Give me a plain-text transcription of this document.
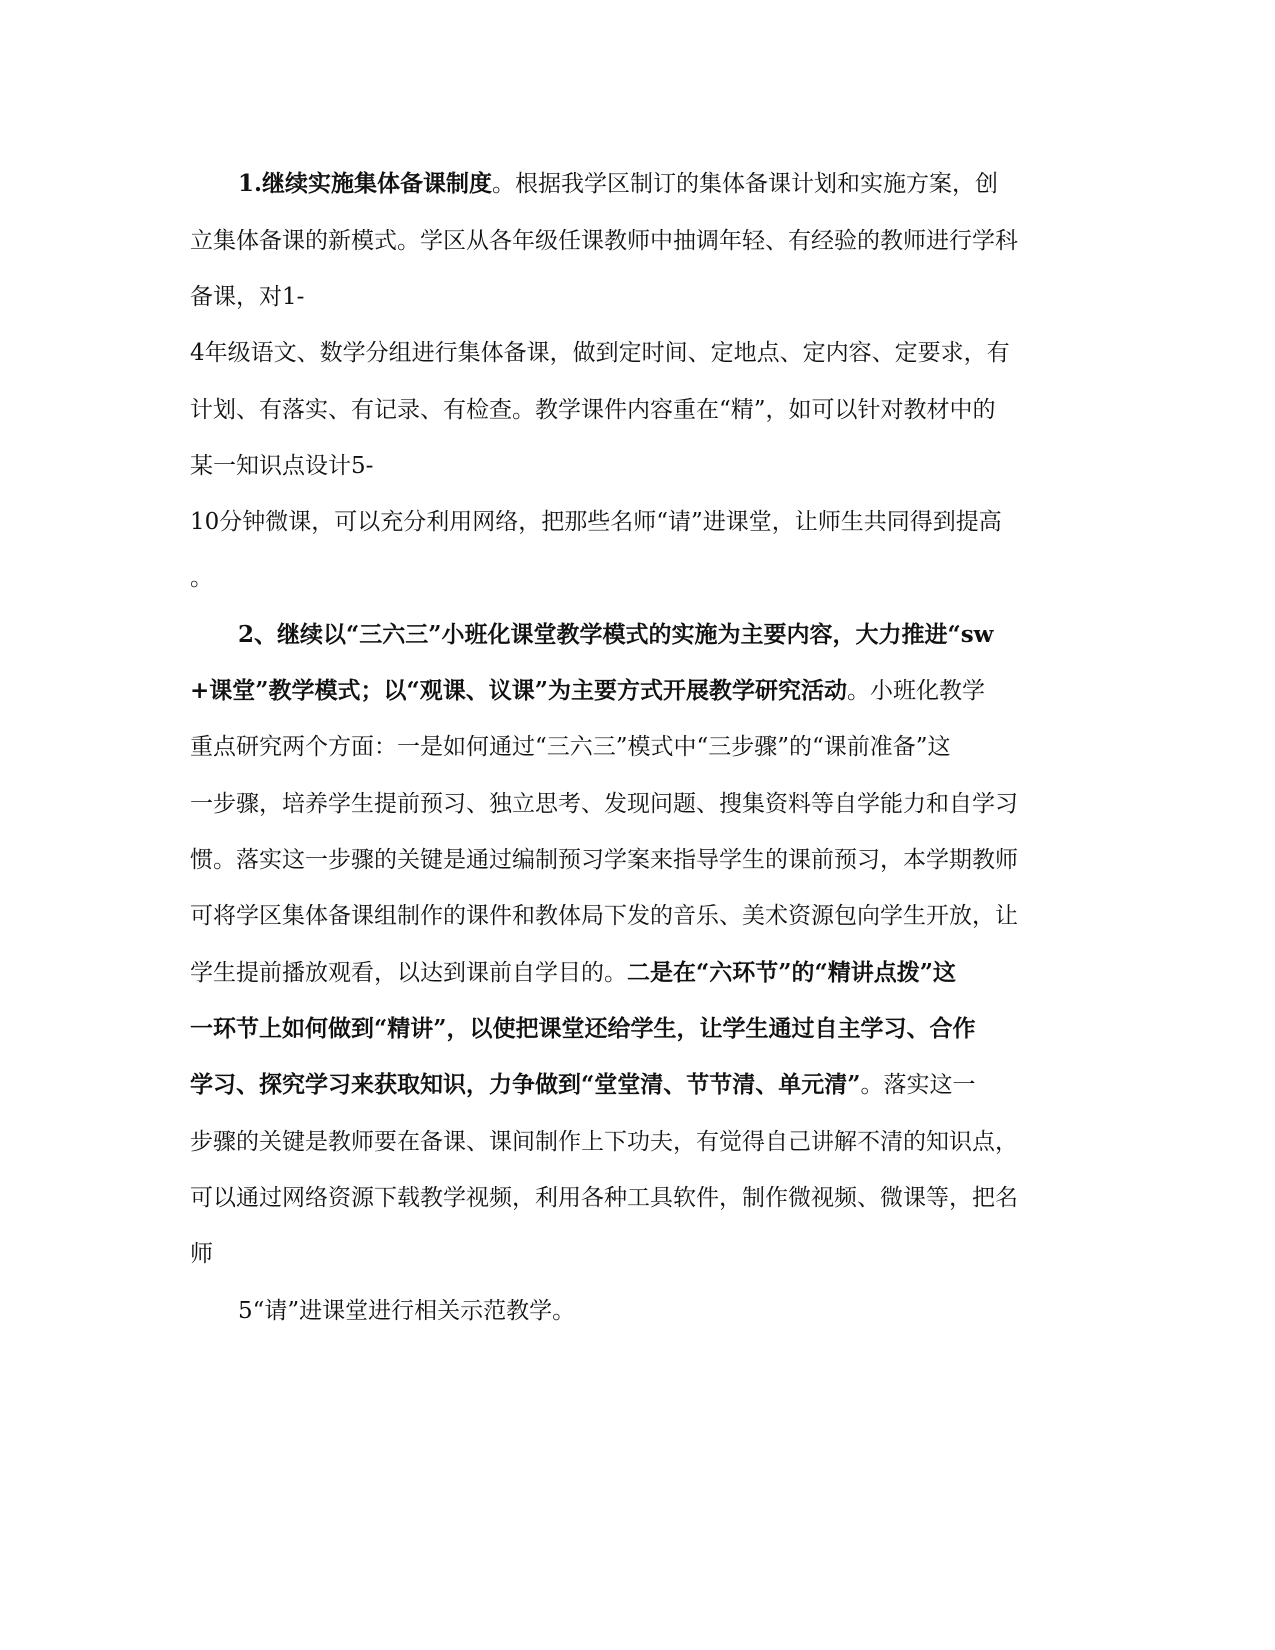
1.继续实施集体备课制度。根据我学区制订的集体备课计划和实施方案，创
立集体备课的新模式。学区从各年级任课教师中抽调年轻、有经验的教师进行学科
备课，对1-
4年级语文、数学分组进行集体备课，做到定时间、定地点、定内容、定要求，有
计划、有落实、有记录、有检查。教学课件内容重在“精”，如可以针对教材中的
某一知识点设计5-
10分钟微课，可以充分利用网络，把那些名师“请”进课堂，让师生共同得到提高
。
2、继续以“三六三”小班化课堂教学模式的实施为主要内容，大力推进“sw
+课堂”教学模式；以“观课、议课”为主要方式开展教学研究活动。小班化教学
重点研究两个方面：一是如何通过“三六三”模式中“三步骤”的“课前准备”这
一步骤，培养学生提前预习、独立思考、发现问题、搜集资料等自学能力和自学习
惯。落实这一步骤的关键是通过编制预习学案来指导学生的课前预习，本学期教师
可将学区集体备课组制作的课件和教体局下发的音乐、美术资源包向学生开放，让
学生提前播放观看，以达到课前自学目的。二是在“六环节”的“精讲点拨”这
一环节上如何做到“精讲”，以使把课堂还给学生，让学生通过自主学习、合作
学习、探究学习来获取知识，力争做到“堂堂清、节节清、单元清”。落实这一
步骤的关键是教师要在备课、课间制作上下功夫，有觉得自己讲解不清的知识点，
可以通过网络资源下载教学视频，利用各种工具软件，制作微视频、微课等，把名
师
5“请”进课堂进行相关示范教学。
